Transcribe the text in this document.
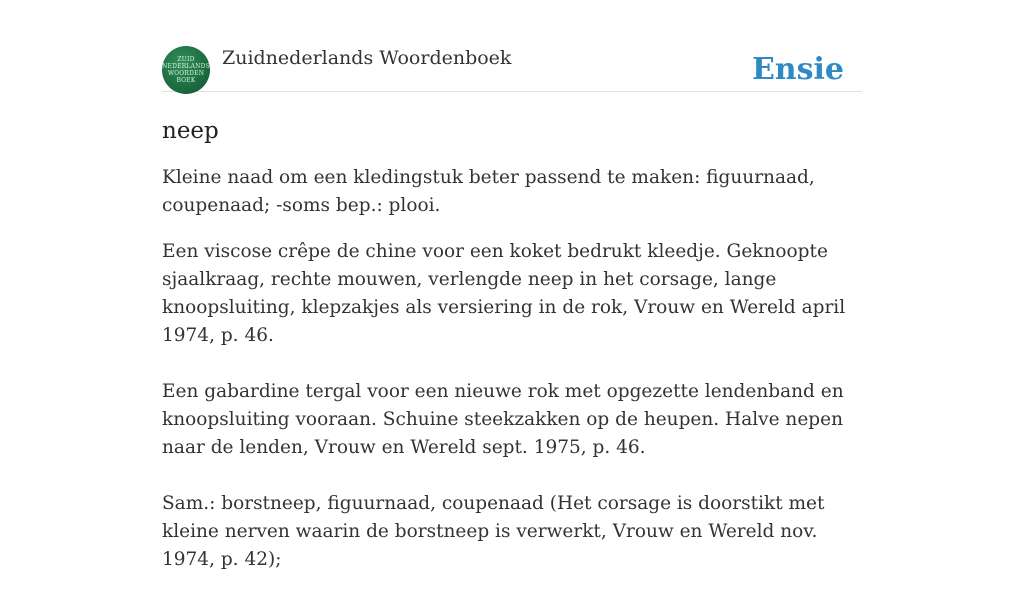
ZUID
NEDERLANDS
WOORDEN
BOEK
Zuidnederlands Woordenboek	Ensie
neep

Kleine naad om een kledingstuk beter passend te maken: figuurnaad, coupenaad; -soms bep.: plooi.

Een viscose crêpe de chine voor een koket bedrukt kleedje. Geknoopte sjaalkraag, rechte mouwen, verlengde neep in het corsage, lange knoopsluiting, klepzakjes als versiering in de rok, Vrouw en Wereld april 1974, p. 46.

Een gabardine tergal voor een nieuwe rok met opgezette lendenband en knoopsluiting vooraan. Schuine steekzakken op de heupen. Halve nepen naar de lenden, Vrouw en Wereld sept. 1975, p. 46.

Sam.: borstneep, figuurnaad, coupenaad (Het corsage is doorstikt met kleine nerven waarin de borstneep is verwerkt, Vrouw en Wereld nov. 1974, p. 42);
